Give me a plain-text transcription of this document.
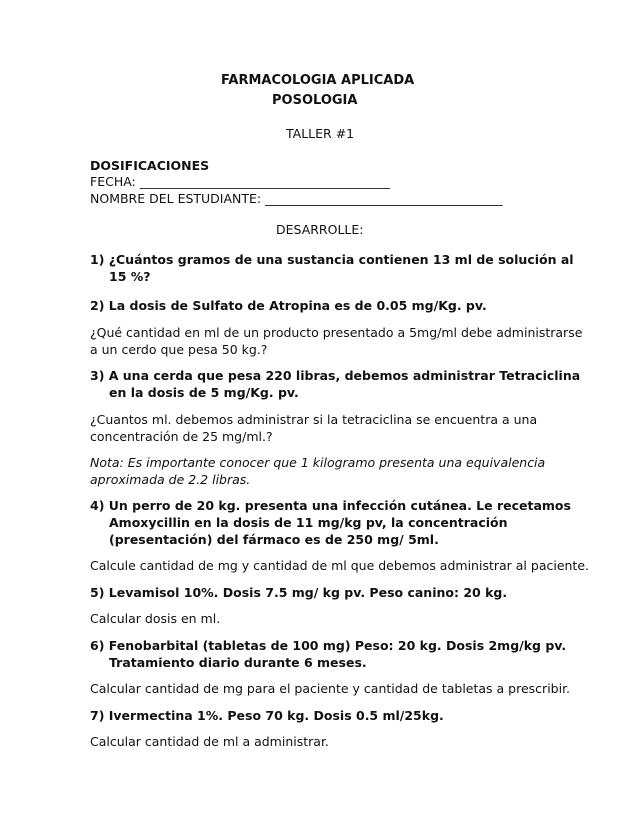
FARMACOLOGIA APLICADA
POSOLOGIA
TALLER #1
DOSIFICACIONES
FECHA: ________________________________________
NOMBRE DEL ESTUDIANTE: ______________________________________
DESARROLLE:
1) ¿Cuántos gramos de una sustancia contienen 13 ml de solución al
15 %?
2) La dosis de Sulfato de Atropina es de 0.05 mg/Kg. pv.
¿Qué cantidad en ml de un producto presentado a 5mg/ml debe administrarse
a un cerdo que pesa 50 kg.?
3) A una cerda que pesa 220 libras, debemos administrar Tetraciclina
en la dosis de 5 mg/Kg. pv.
¿Cuantos ml. debemos administrar si la tetraciclina se encuentra a una
concentración de 25 mg/ml.?
Nota: Es importante conocer que 1 kilogramo presenta una equivalencia
aproximada de 2.2 libras.
4) Un perro de 20 kg. presenta una infección cutánea. Le recetamos
Amoxycillin en la dosis de 11 mg/kg pv, la concentración
(presentación) del fármaco es de 250 mg/ 5ml.
Calcule cantidad de mg y cantidad de ml que debemos administrar al paciente.
5) Levamisol 10%. Dosis 7.5 mg/ kg pv. Peso canino: 20 kg.
Calcular dosis en ml.
6) Fenobarbital (tabletas de 100 mg) Peso: 20 kg. Dosis 2mg/kg pv.
Tratamiento diario durante 6 meses.
Calcular cantidad de mg para el paciente y cantidad de tabletas a prescribir.
7) Ivermectina 1%. Peso 70 kg. Dosis 0.5 ml/25kg.
Calcular cantidad de ml a administrar.
